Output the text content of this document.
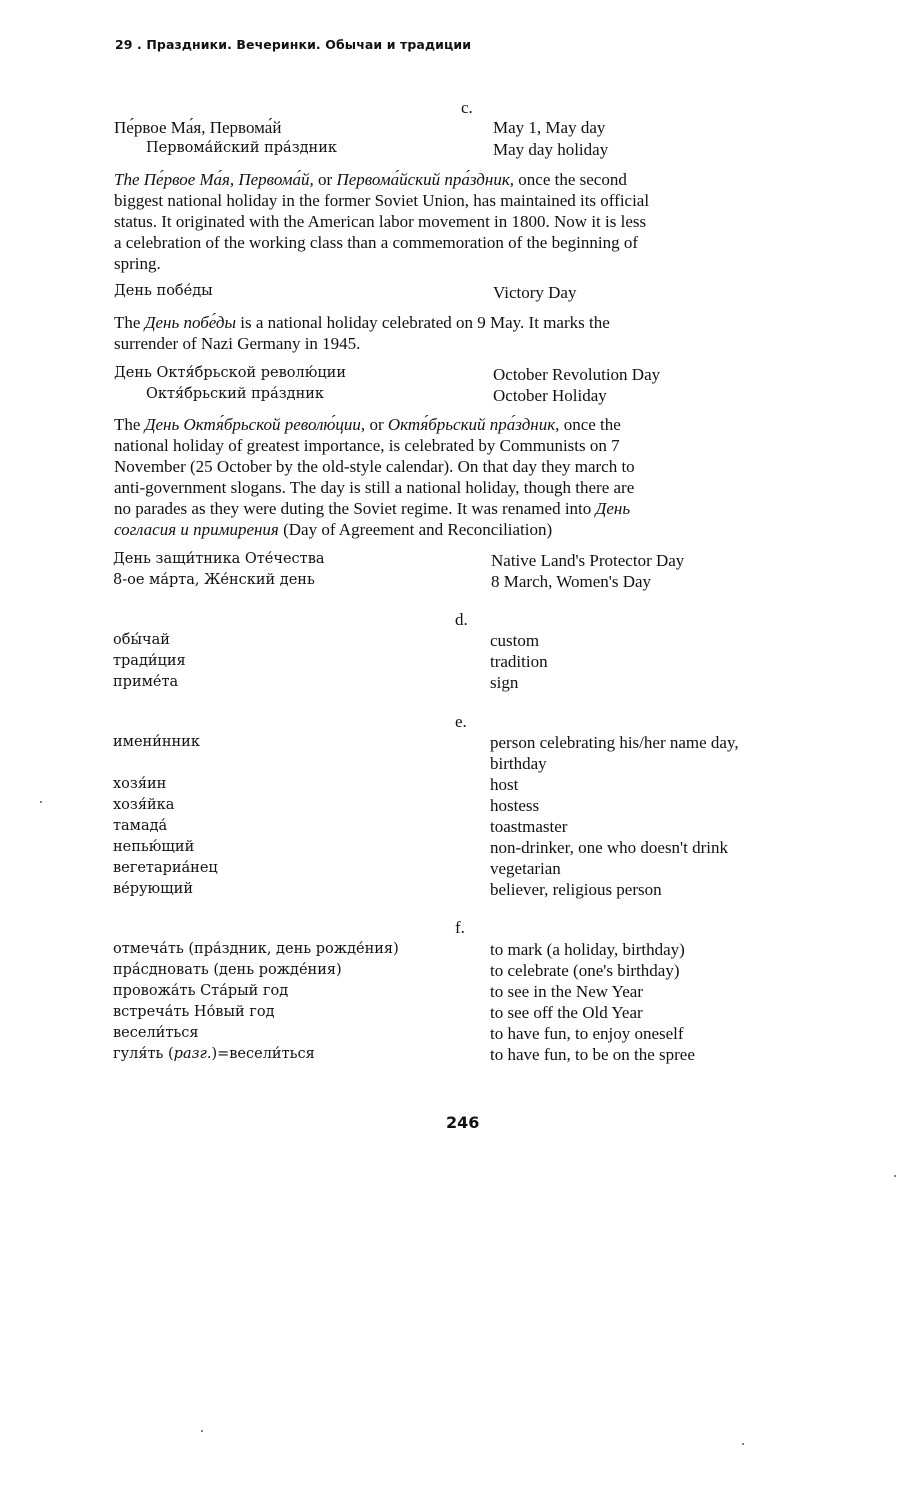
29 . Праздники. Вечеринки. Обычаи и традиции
c.
Пе́рвое Ма́я, Первома́й
Первома́йский пра́здник
May 1, May day
May day holiday
The Пе́рвое Ма́я, Первома́й, or Первома́йский пра́здник, once the second
biggest national holiday in the former Soviet Union, has maintained its official
status. It originated with the American labor movement in 1800. Now it is less
a celebration of the working class than a commemoration of the beginning of
spring.
День побе́ды	Victory Day
The День побе́ды is a national holiday celebrated on 9 May. It marks the
surrender of Nazi Germany in 1945.
День Октя́брьской револю́ции
Октя́брьский пра́здник
October Revolution Day
October Holiday
The День Октя́брьской револю́ции, or Октя́брьский пра́здник, once the
national holiday of greatest importance, is celebrated by Communists on 7
November (25 October by the old-style calendar). On that day they march to
anti-government slogans. The day is still a national holiday, though there are
no parades as they were duting the Soviet regime. It was renamed into День
согласия и примирения (Day of Agreement and Reconciliation)
День защи́тника Оте́чества
8-ое ма́рта, Же́нский день
Native Land's Protector Day
8 March, Women's Day
d.
обы́чай
тради́ция
приме́та
custom
tradition
sign
e.
имени́нник	person celebrating his/her name day,
birthday
хозя́ин
хозя́йка
тамада́
непью́щий
вегетариа́нец
ве́рующий
host
hostess
toastmaster
non-drinker, one who doesn't drink
vegetarian
believer, religious person
f.
отмеча́ть (пра́здник, день рожде́ния)
пра́сдновать (день рожде́ния)
провожа́ть Ста́рый год
встреча́ть Но́вый год
весели́ться
гуля́ть (разг.)=весели́ться
to mark (a holiday, birthday)
to celebrate (one's birthday)
to see in the New Year
to see off the Old Year
to have fun, to enjoy oneself
to have fun, to be on the spree
246
